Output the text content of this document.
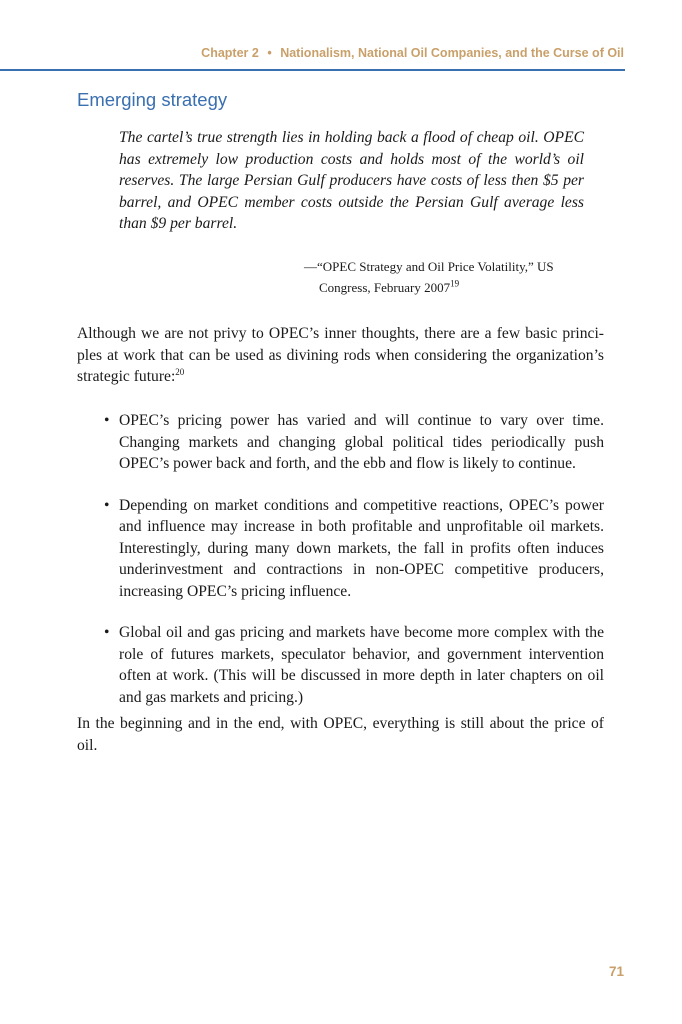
Chapter 2 • Nationalism, National Oil Companies, and the Curse of Oil
Emerging strategy

The cartel’s true strength lies in holding back a flood of cheap oil. OPEC has extremely low production costs and holds most of the world’s oil reserves. The large Persian Gulf producers have costs of less then $5 per barrel, and OPEC member costs outside the Persian Gulf average less than $9 per barrel.

—“OPEC Strategy and Oil Price Volatility,” US
Congress, February 2007$^{19}$

Although we are not privy to OPEC’s inner thoughts, there are a few basic principles at work that can be used as divining rods when considering the organization’s strategic future:$^{20}$

• OPEC’s pricing power has varied and will continue to vary over time. Changing markets and changing global political tides periodically push OPEC’s power back and forth, and the ebb and flow is likely to continue.
• Depending on market conditions and competitive reactions, OPEC’s power and influence may increase in both profitable and unprofitable oil markets. Interestingly, during many down markets, the fall in profits often induces underinvestment and contractions in non-OPEC competitive producers, increasing OPEC’s pricing influence.
• Global oil and gas pricing and markets have become more complex with the role of futures markets, speculator behavior, and government intervention often at work. (This will be discussed in more depth in later chapters on oil and gas markets and pricing.)

In the beginning and in the end, with OPEC, everything is still about the price of oil.

71
